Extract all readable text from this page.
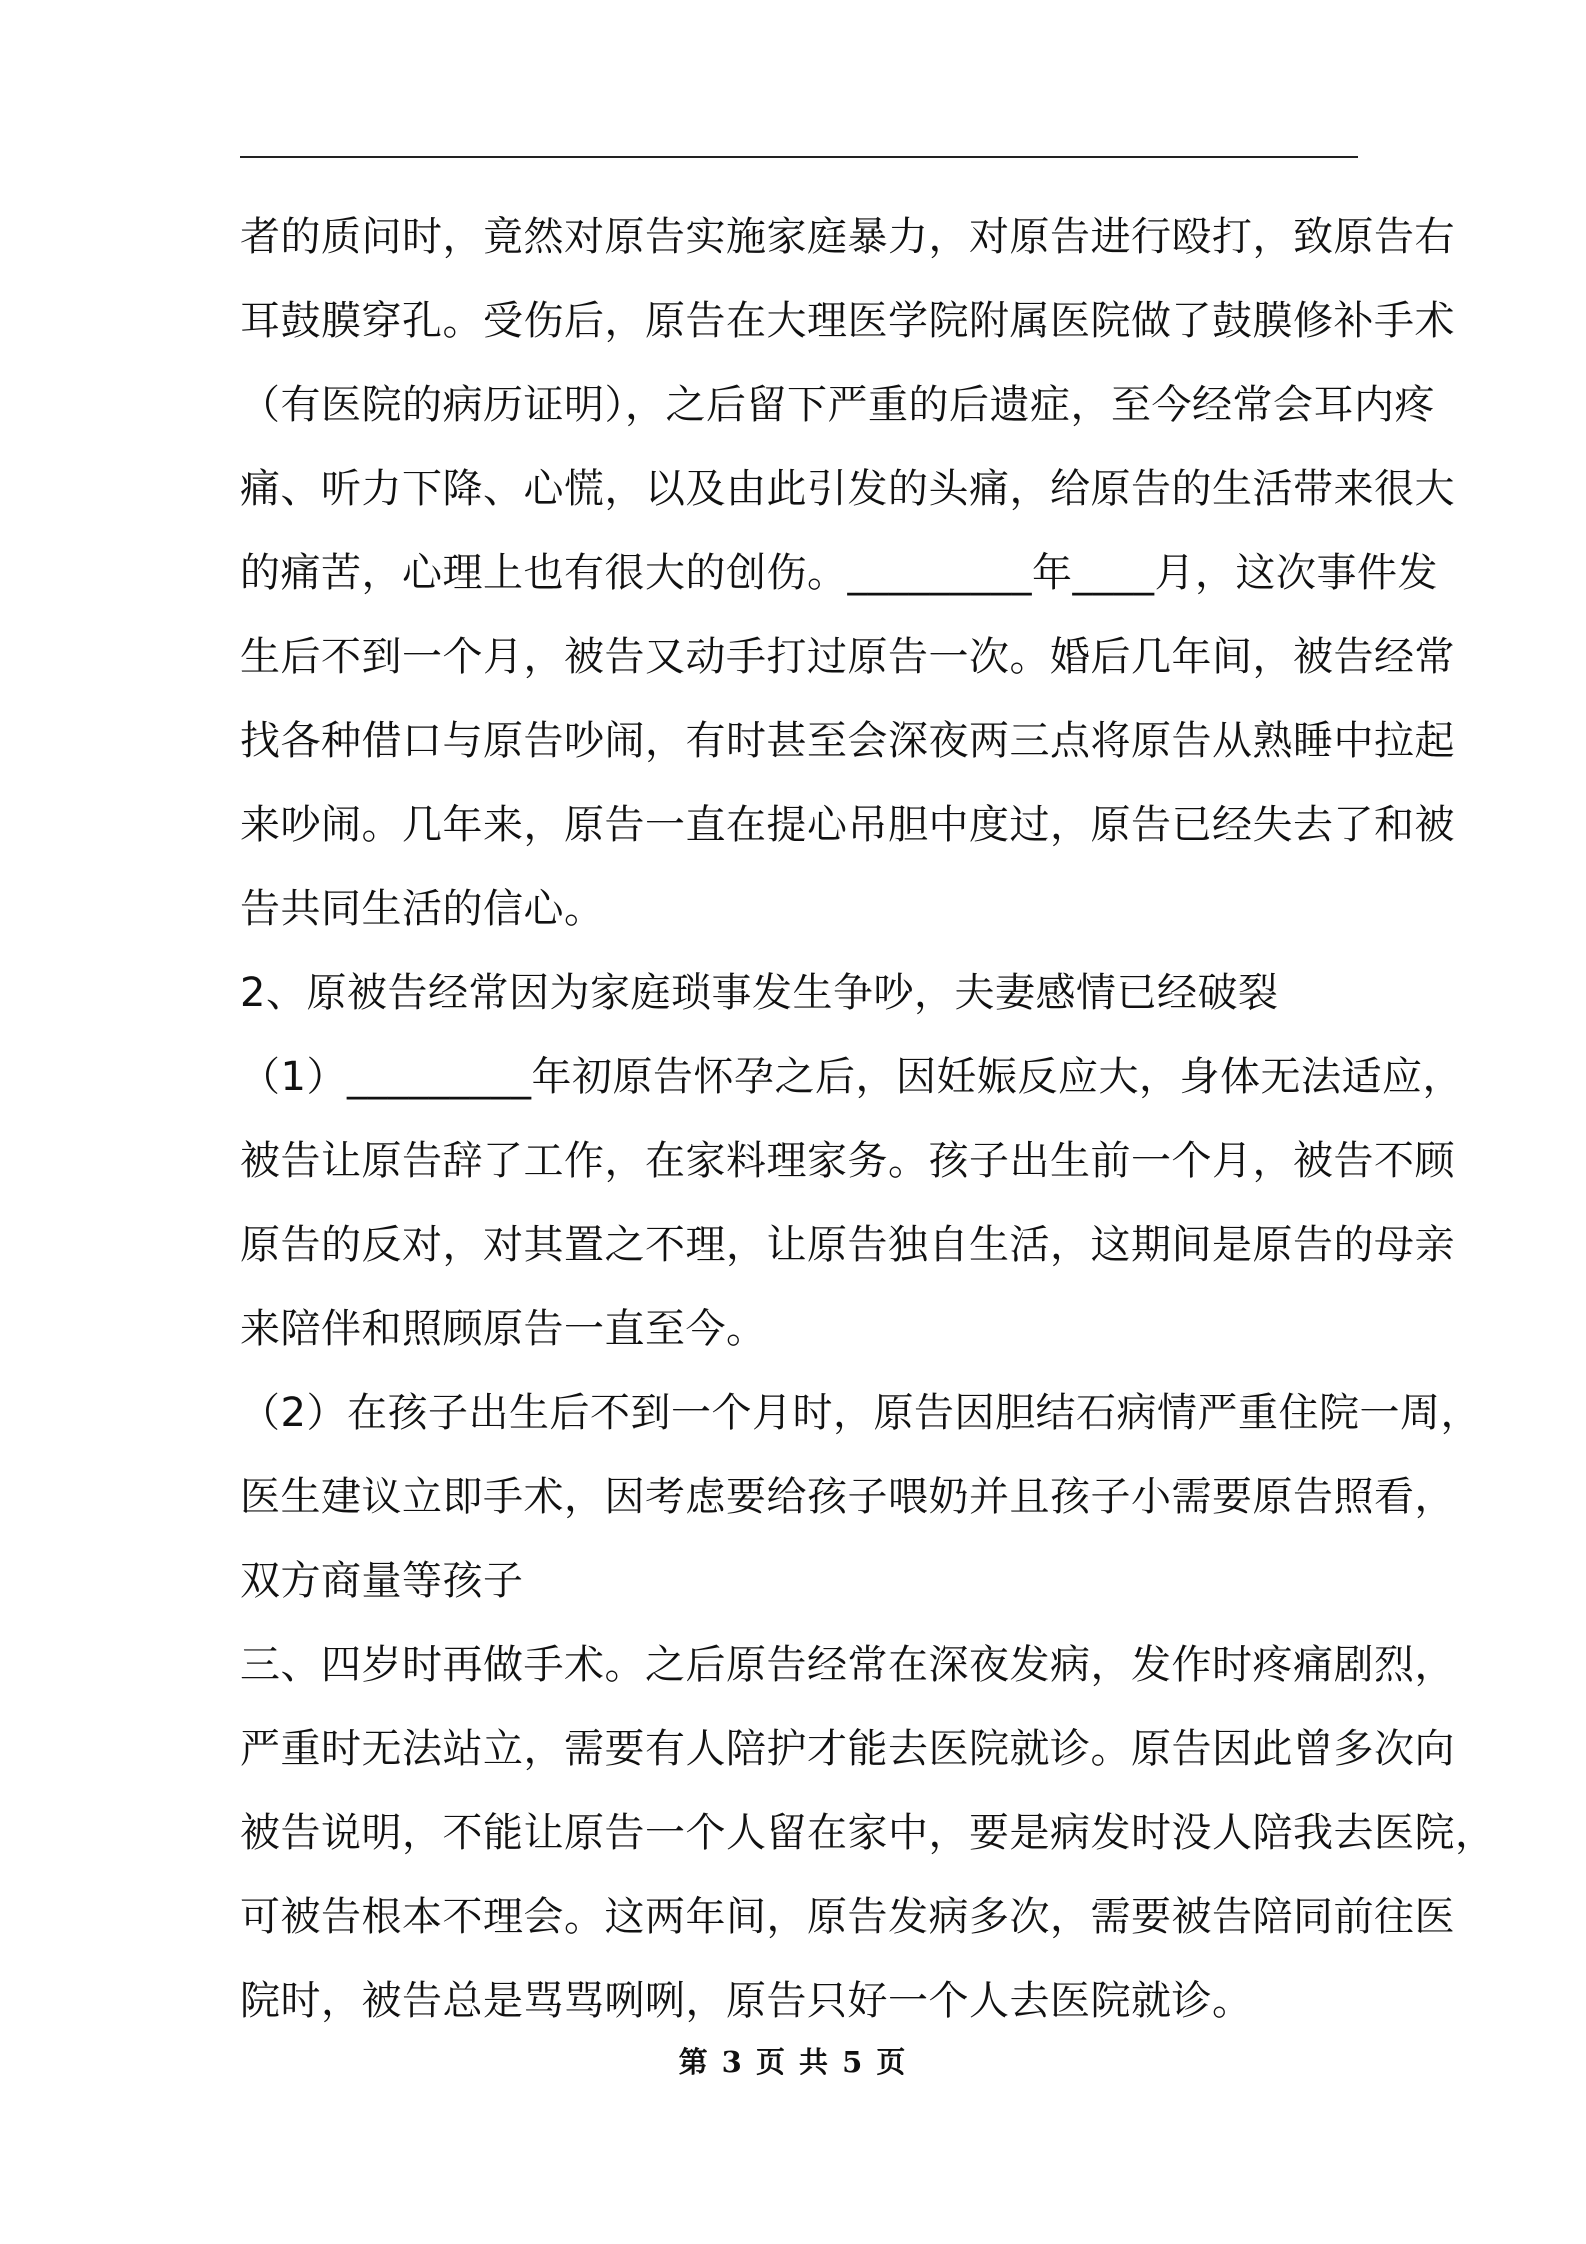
者的质问时，竟然对原告实施家庭暴力，对原告进行殴打，致原告右
耳鼓膜穿孔。受伤后，原告在大理医学院附属医院做了鼓膜修补手术
（有医院的病历证明），之后留下严重的后遗症，至今经常会耳内疼
痛、听力下降、心慌，以及由此引发的头痛，给原告的生活带来很大
的痛苦，心理上也有很大的创伤。_________年____月，这次事件发
生后不到一个月，被告又动手打过原告一次。婚后几年间，被告经常
找各种借口与原告吵闹，有时甚至会深夜两三点将原告从熟睡中拉起
来吵闹。几年来，原告一直在提心吊胆中度过，原告已经失去了和被
告共同生活的信心。
2、原被告经常因为家庭琐事发生争吵，夫妻感情已经破裂
（1）_________年初原告怀孕之后，因妊娠反应大，身体无法适应，
被告让原告辞了工作，在家料理家务。孩子出生前一个月，被告不顾
原告的反对，对其置之不理，让原告独自生活，这期间是原告的母亲
来陪伴和照顾原告一直至今。
（2）在孩子出生后不到一个月时，原告因胆结石病情严重住院一周，
医生建议立即手术，因考虑要给孩子喂奶并且孩子小需要原告照看，
双方商量等孩子
三、四岁时再做手术。之后原告经常在深夜发病，发作时疼痛剧烈，
严重时无法站立，需要有人陪护才能去医院就诊。原告因此曾多次向
被告说明，不能让原告一个人留在家中，要是病发时没人陪我去医院，
可被告根本不理会。这两年间，原告发病多次，需要被告陪同前往医
院时，被告总是骂骂咧咧，原告只好一个人去医院就诊。
第 3 页 共 5 页
